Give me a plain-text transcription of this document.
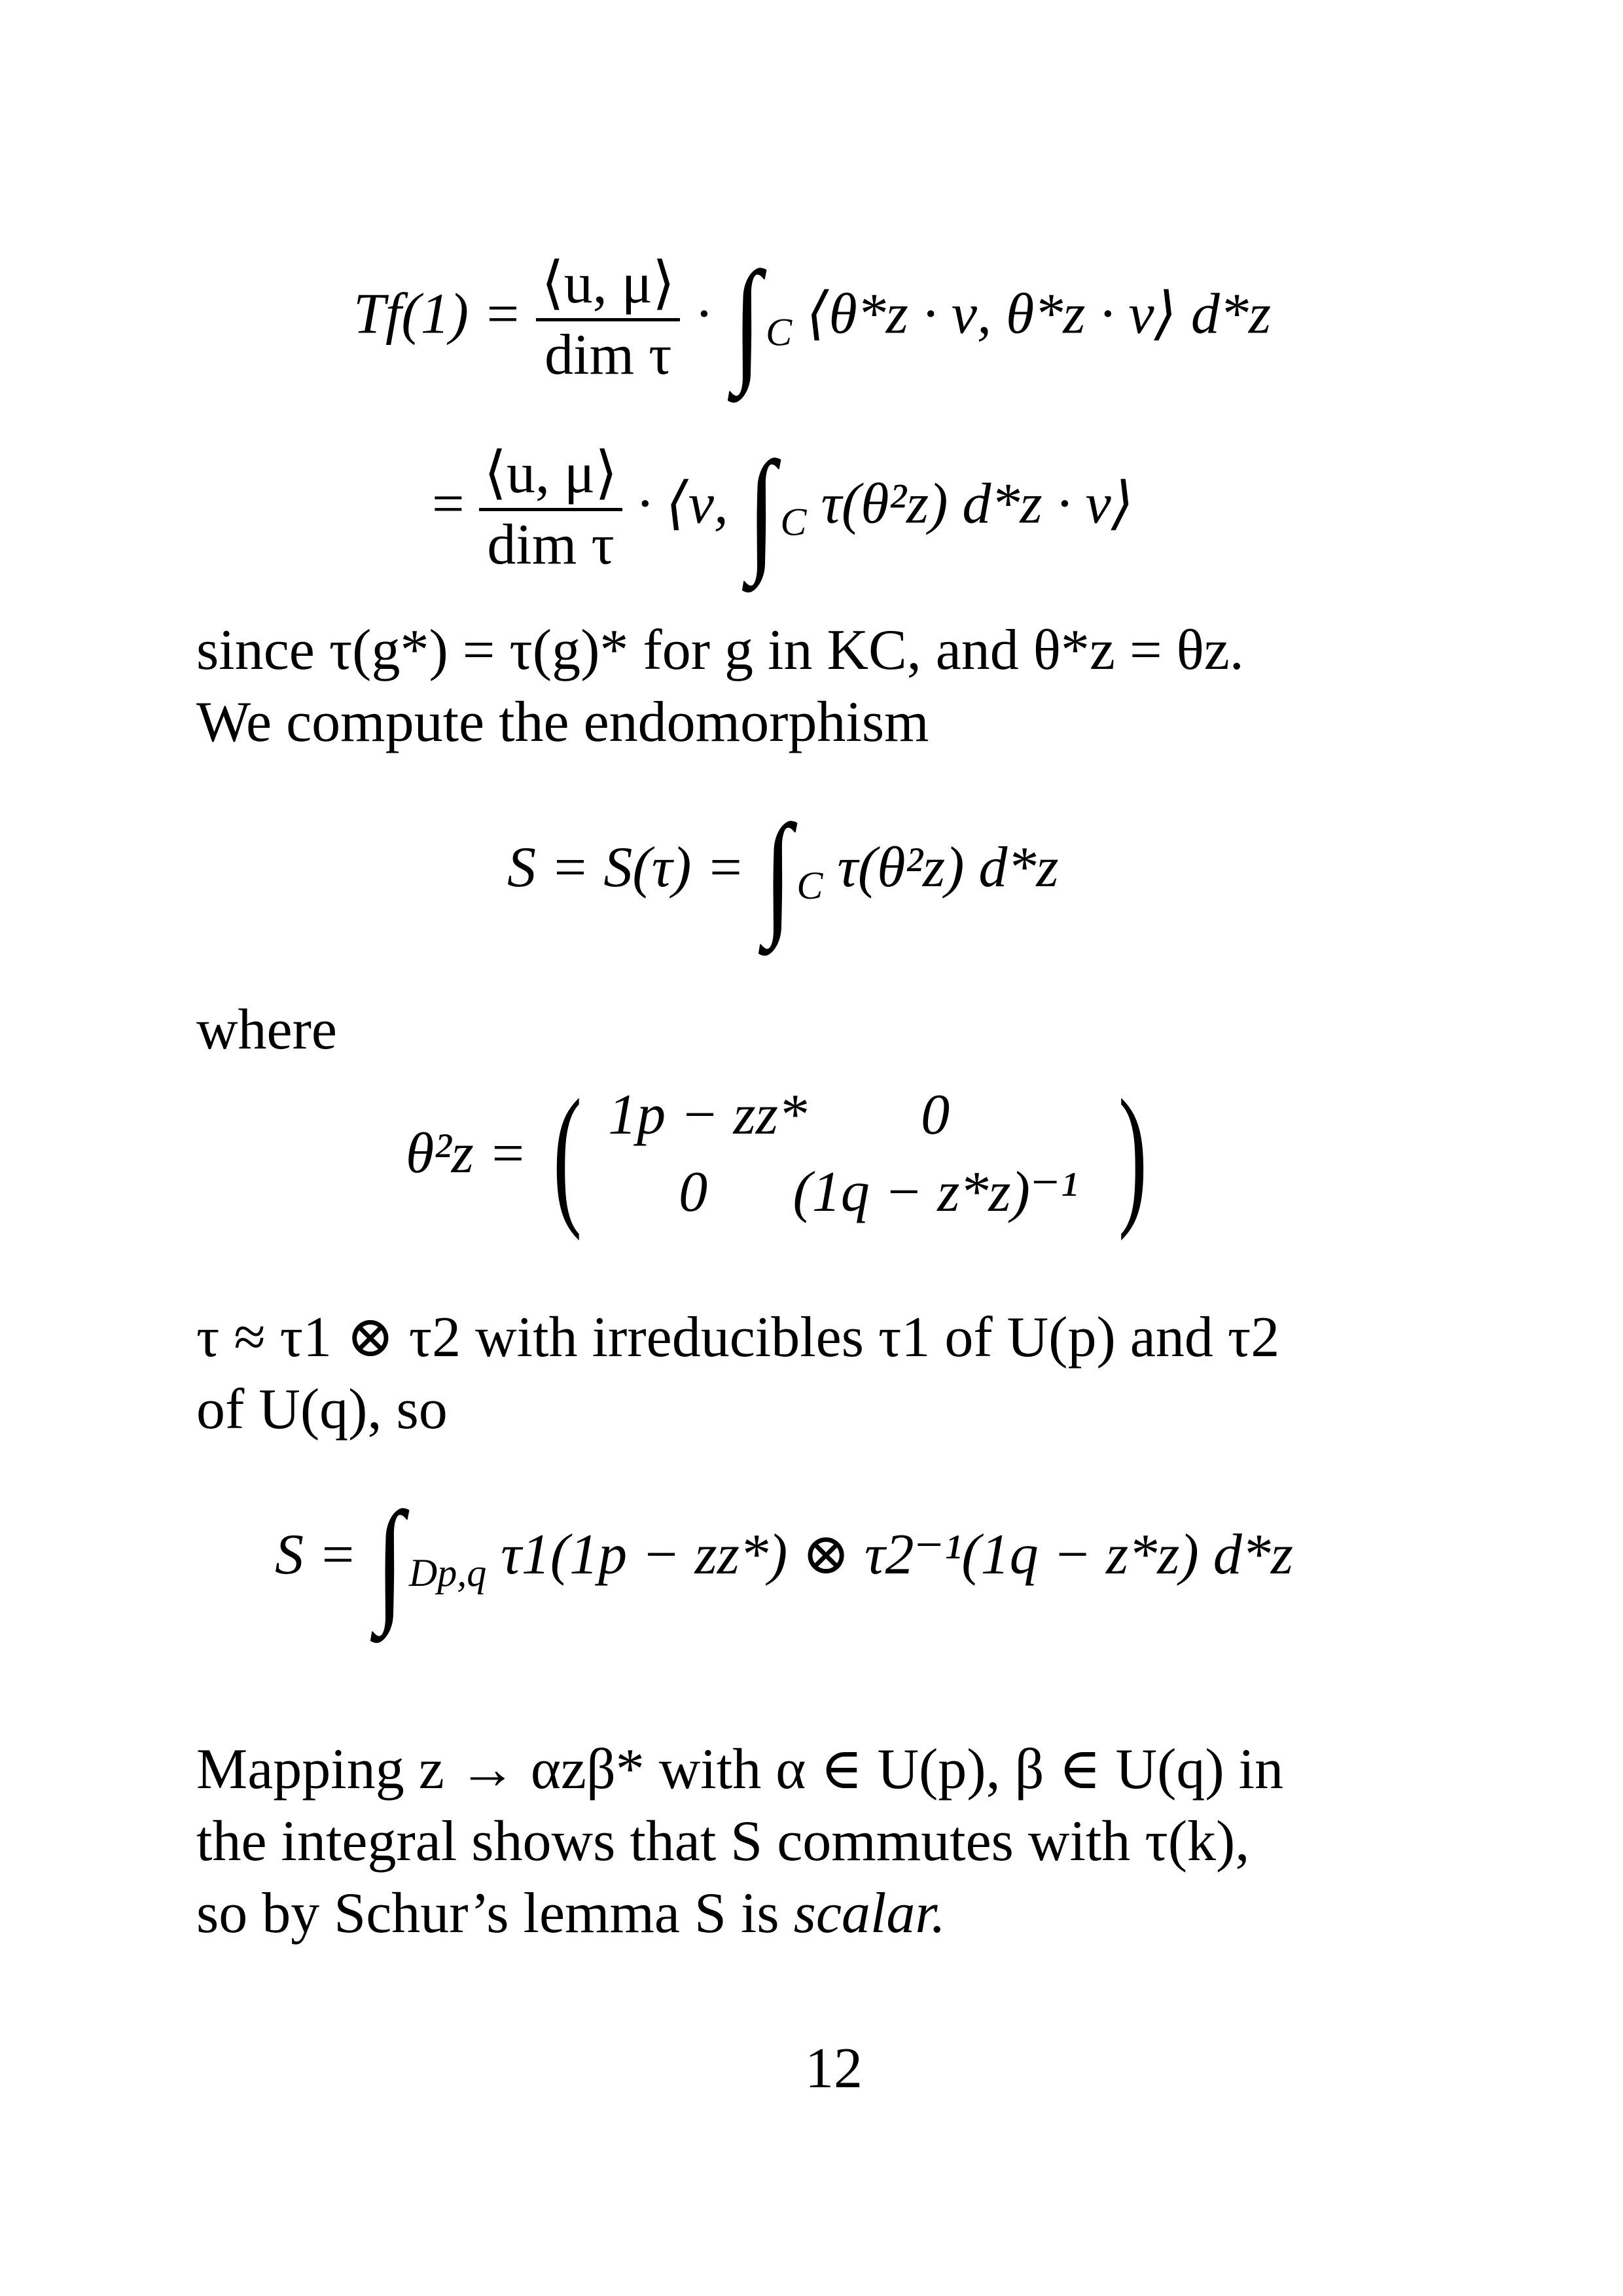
Tf(1) = ⟨u, μ⟩
dim τ
· ∫ $_C$ ⟨θ*z · ν, θ*z · v⟩ d*z
= ⟨u, μ⟩
dim τ
· ⟨ν, ∫ $_C$ τ(θ²z) d*z · v⟩
since τ(g*) = τ(g)* for g in KC, and θ*z = θz.
We compute the endomorphism
S = S(τ) = ∫ $_C$ τ(θ²z) d*z
where
θ²z = ( 1p − zz*	0
0	(1q − z*z)⁻¹ )
τ ≈ τ1 ⊗ τ2 with irreducibles τ1 of U(p) and τ2
of U(q), so
S = ∫ $_{Dp,q}$ τ1(1p − zz*) ⊗ τ2⁻¹(1q − z*z) d*z
Mapping z → αzβ* with α ∈ U(p), β ∈ U(q) in
the integral shows that S commutes with τ(k),
so by Schur’s lemma S is scalar.
12
